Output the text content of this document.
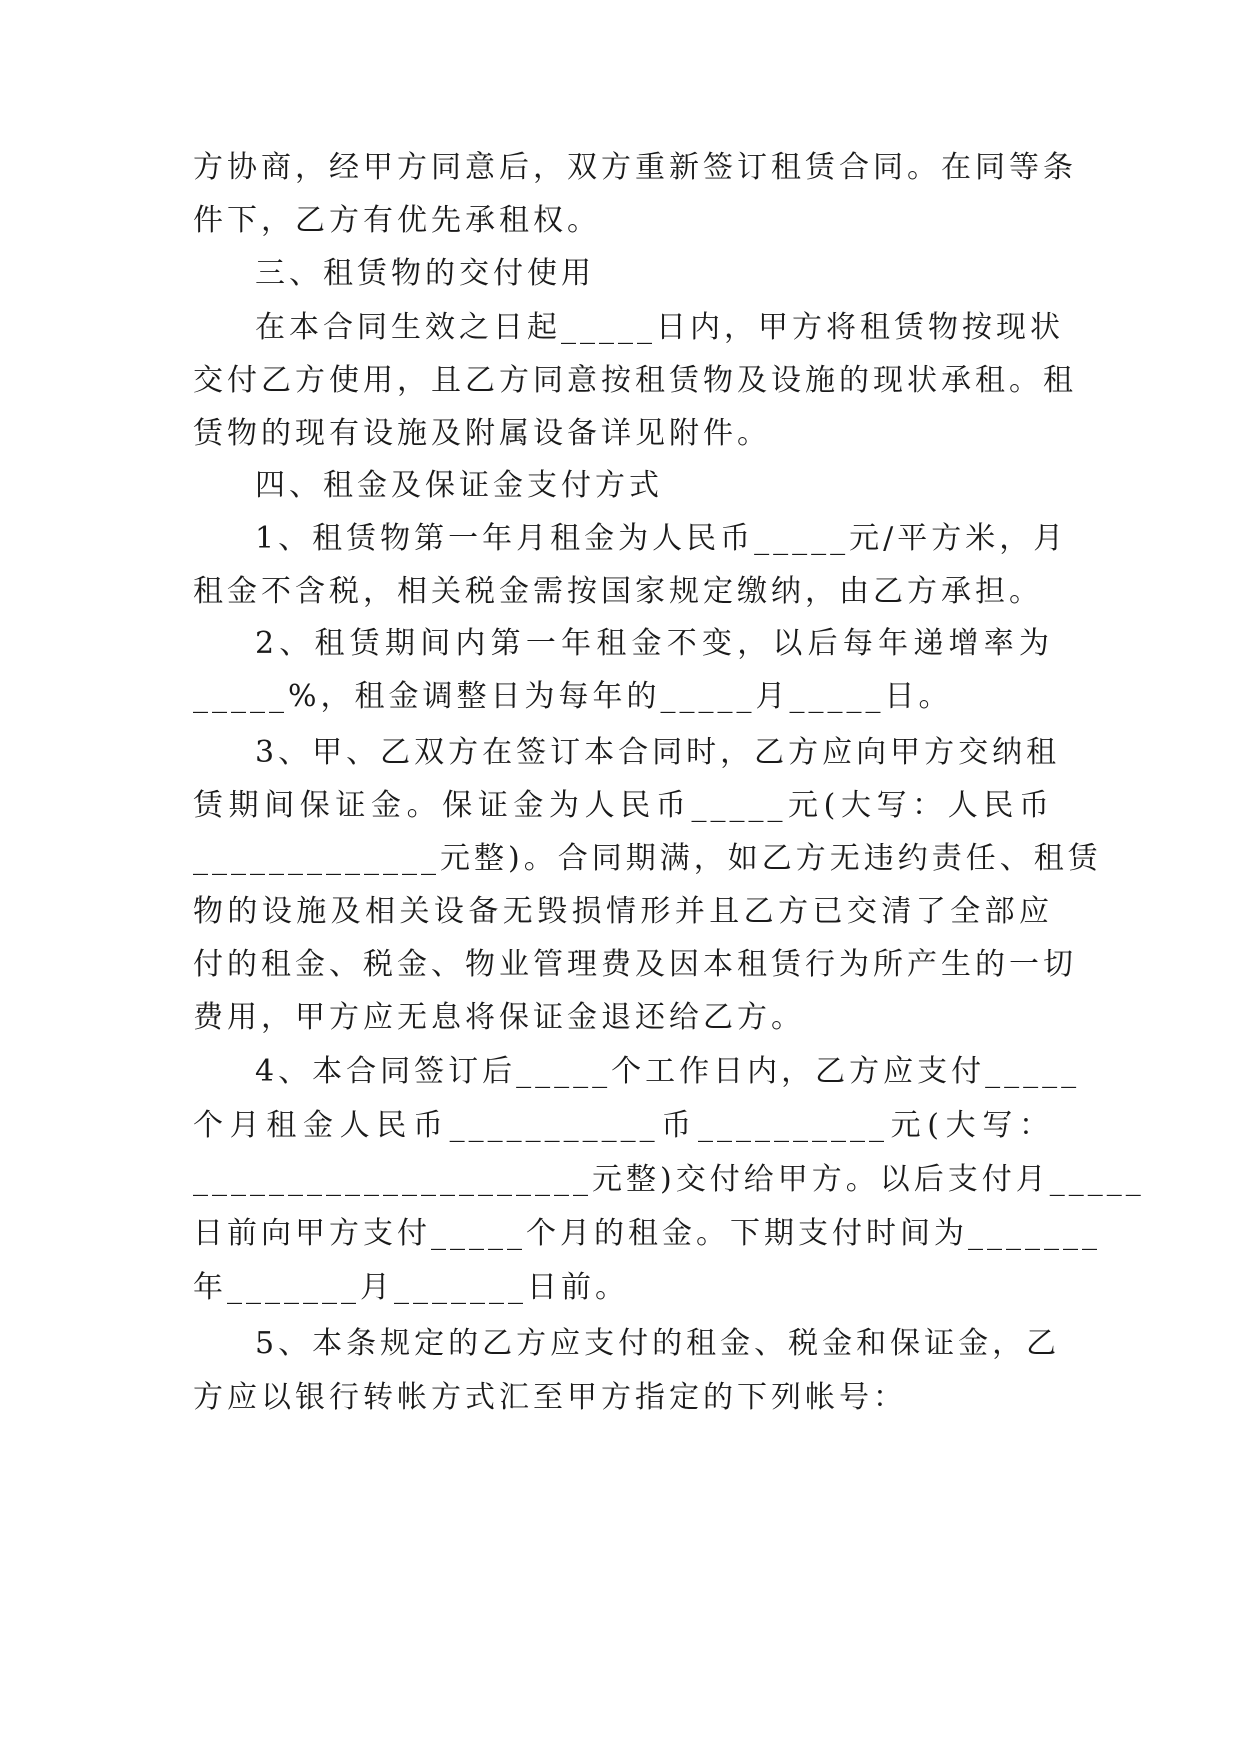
方协商，经甲方同意后，双方重新签订租赁合同。在同等条
件下，乙方有优先承租权。
三、租赁物的交付使用
在本合同生效之日起_____日内，甲方将租赁物按现状
交付乙方使用，且乙方同意按租赁物及设施的现状承租。租
赁物的现有设施及附属设备详见附件。
四、租金及保证金支付方式
1、租赁物第一年月租金为人民币_____元/平方米，月
租金不含税，相关税金需按国家规定缴纳，由乙方承担。
2、租赁期间内第一年租金不变，以后每年递增率为
_____%，租金调整日为每年的_____月_____日。
3、甲、乙双方在签订本合同时，乙方应向甲方交纳租
赁期间保证金。保证金为人民币_____元(大写：人民币
_____________元整)。合同期满，如乙方无违约责任、租赁
物的设施及相关设备无毁损情形并且乙方已交清了全部应
付的租金、税金、物业管理费及因本租赁行为所产生的一切
费用，甲方应无息将保证金退还给乙方。
4、本合同签订后_____个工作日内，乙方应支付_____
个月租金人民币___________币__________元(大写：
_____________________元整)交付给甲方。以后支付月_____
日前向甲方支付_____个月的租金。下期支付时间为_______
年_______月_______日前。
5、本条规定的乙方应支付的租金、税金和保证金，乙
方应以银行转帐方式汇至甲方指定的下列帐号：
